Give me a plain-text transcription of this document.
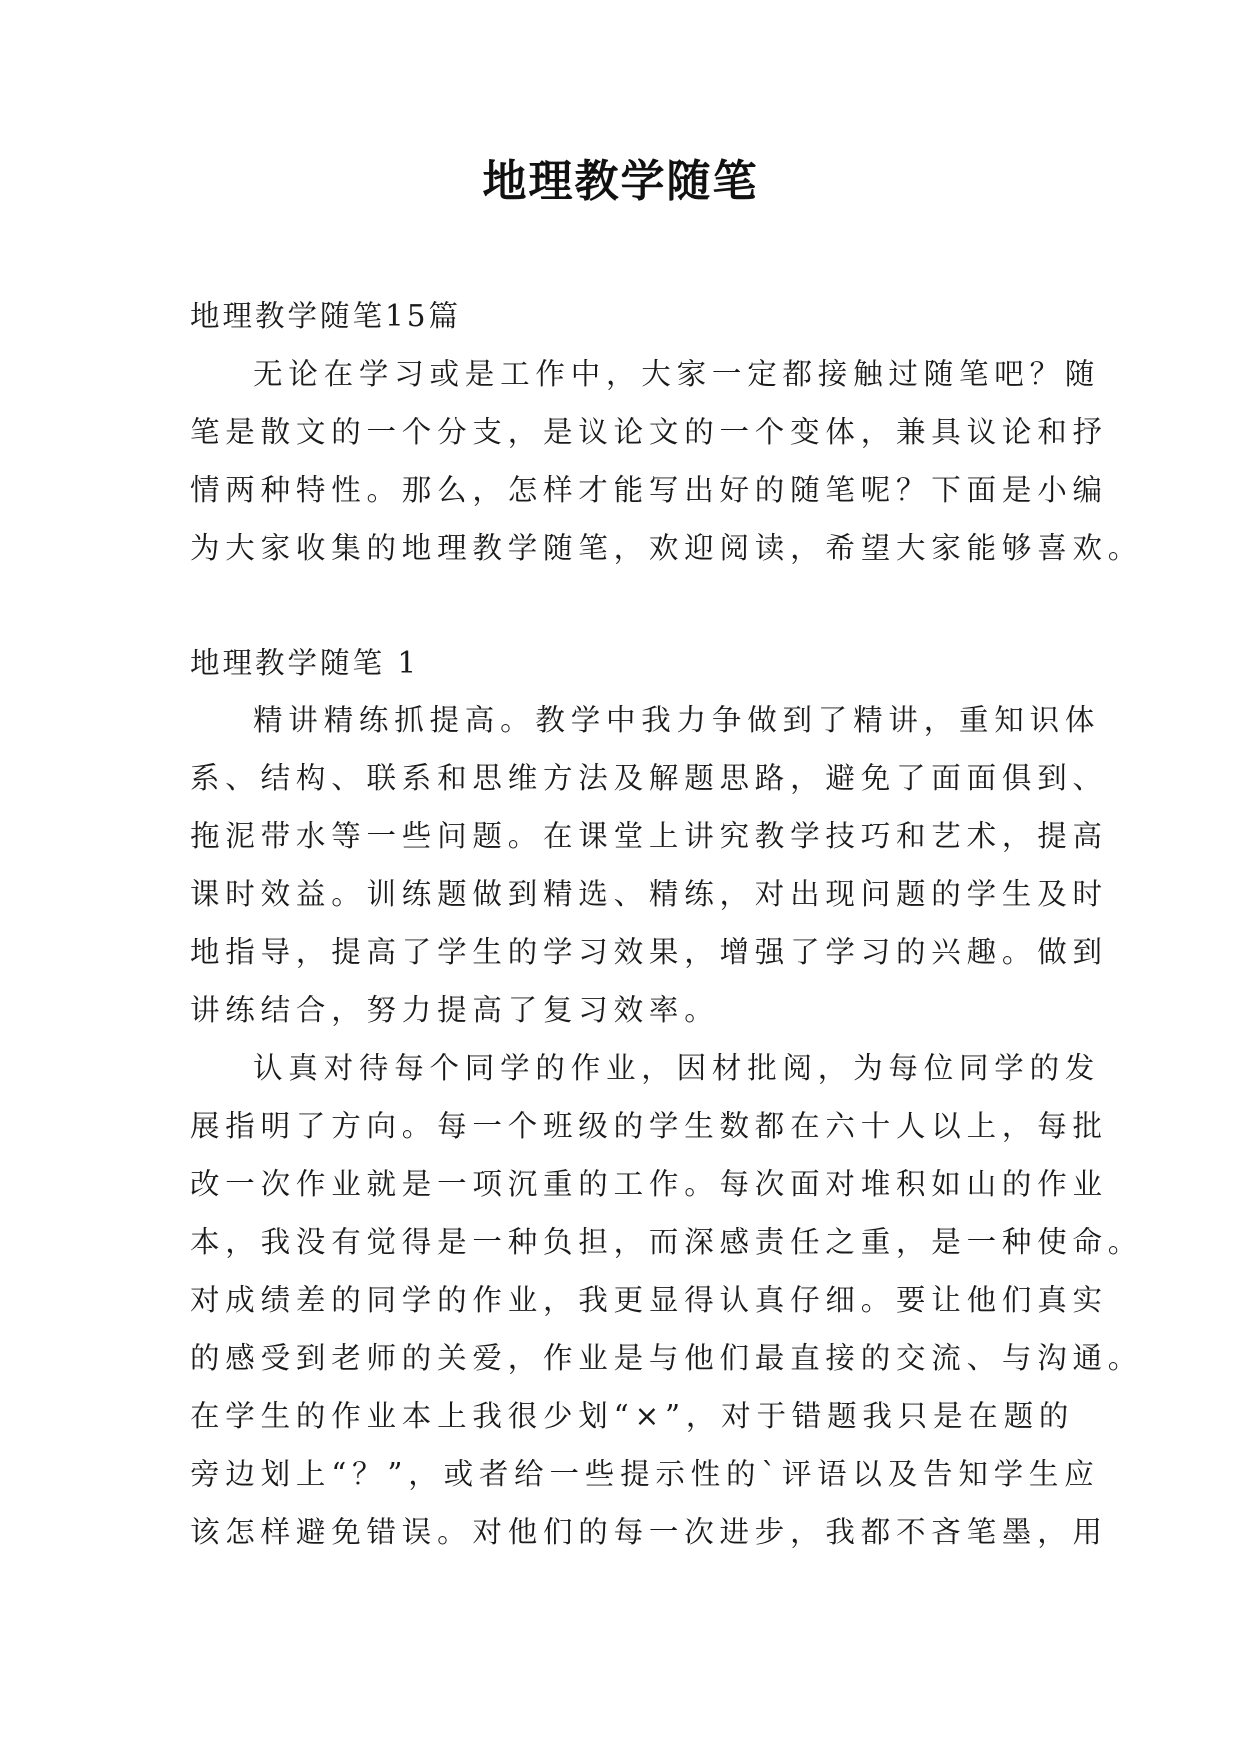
地理教学随笔
地理教学随笔15篇
无论在学习或是工作中，大家一定都接触过随笔吧？随
笔是散文的一个分支，是议论文的一个变体，兼具议论和抒
情两种特性。那么，怎样才能写出好的随笔呢？下面是小编
为大家收集的地理教学随笔，欢迎阅读，希望大家能够喜欢。
地理教学随笔 1
精讲精练抓提高。教学中我力争做到了精讲，重知识体
系、结构、联系和思维方法及解题思路，避免了面面俱到、
拖泥带水等一些问题。在课堂上讲究教学技巧和艺术，提高
课时效益。训练题做到精选、精练，对出现问题的学生及时
地指导，提高了学生的学习效果，增强了学习的兴趣。做到
讲练结合，努力提高了复习效率。
认真对待每个同学的作业，因材批阅，为每位同学的发
展指明了方向。每一个班级的学生数都在六十人以上，每批
改一次作业就是一项沉重的工作。每次面对堆积如山的作业
本，我没有觉得是一种负担，而深感责任之重，是一种使命。
对成绩差的同学的作业，我更显得认真仔细。要让他们真实
的感受到老师的关爱，作业是与他们最直接的交流、与沟通。
在学生的作业本上我很少划“×”，对于错题我只是在题的
旁边划上“？”，或者给一些提示性的`评语以及告知学生应
该怎样避免错误。对他们的每一次进步，我都不吝笔墨，用
